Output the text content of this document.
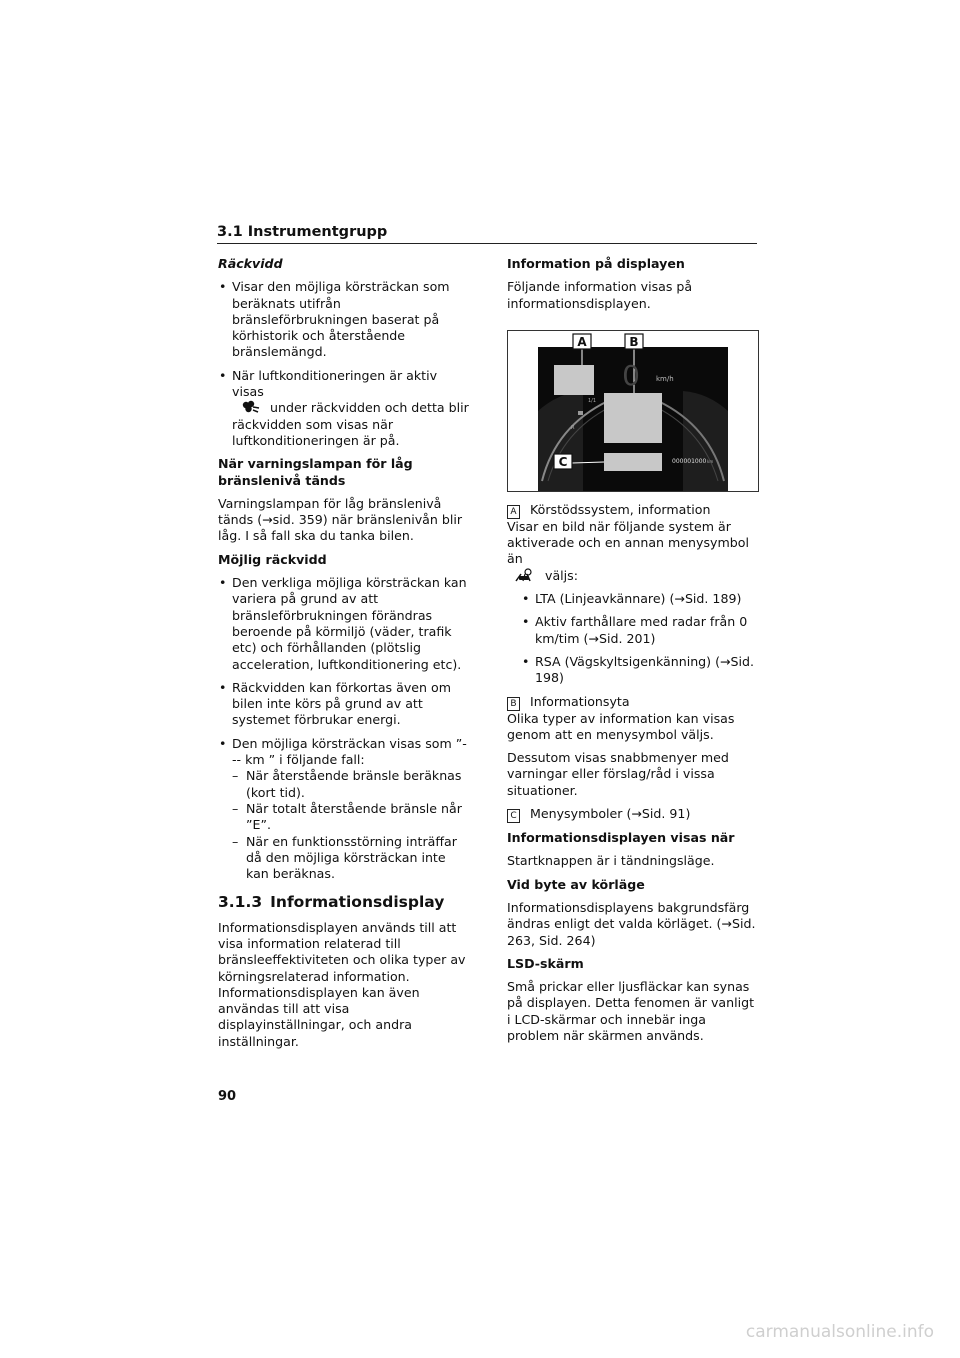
3.1 Instrumentgrupp
Räckvidd
• Visar den möjliga körsträckan som beräknats utifrån bränsleförbrukningen baserat på körhistorik och återstående bränslemängd.
• När luftkonditioneringen är aktiv visas
under räckvidden och detta blir räckvidden som visas när luftkonditioneringen är på.
När varningslampan för låg bränslenivå tänds

Varningslampan för låg bränslenivå tänds (→sid. 359) när bränslenivån blir låg. I så fall ska du tanka bilen.

Möjlig räckvidd
• Den verkliga möjliga körsträckan kan variera på grund av att bränsleförbrukningen förändras beroende på körmiljö (väder, trafik etc) och förhållanden (plötslig acceleration, luftkonditionering etc).
• Räckvidden kan förkortas även om bilen inte körs på grund av att systemet förbrukar energi.
• Den möjliga körsträckan visas som ”--- km ” i följande fall:
– När återstående bränsle beräknas (kort tid).
– När totalt återstående bränsle når ”E”.
– När en funktionsstörning inträffar då den möjliga körsträckan inte kan beräknas.
3.1.3 Informationsdisplay

Informationsdisplayen används till att visa information relaterad till bränsleeffektiviteten och olika typer av körningsrelaterad information. Informationsdisplayen kan även användas till att visa displayinställningar, och andra inställningar.

Information på displayen

Följande information visas på informationsdisplayen.

0 km/h
1/1
R
000001000 km
A	B
C
A Körstödssystem, information

Visar en bild när följande system är aktiverade och en annan menysymbol än
väljs:

• LTA (Linjeavkännare) (→Sid. 189)
• Aktiv farthållare med radar från 0 km/tim (→Sid. 201)
• RSA (Vägskyltsigenkänning) (→Sid. 198)
B Informationsyta

Olika typer av information kan visas genom att en menysymbol väljs.

Dessutom visas snabbmenyer med varningar eller förslag/råd i vissa situationer.

C Menysymboler (→Sid. 91)

Informationsdisplayen visas när

Startknappen är i tändningsläge.

Vid byte av körläge

Informationsdisplayens bakgrundsfärg ändras enligt det valda körläget. (→Sid. 263, Sid. 264)

LSD-skärm

Små prickar eller ljusfläckar kan synas på displayen. Detta fenomen är vanligt i LCD-skärmar och innebär inga problem när skärmen används.

90
carmanualsonline.info
